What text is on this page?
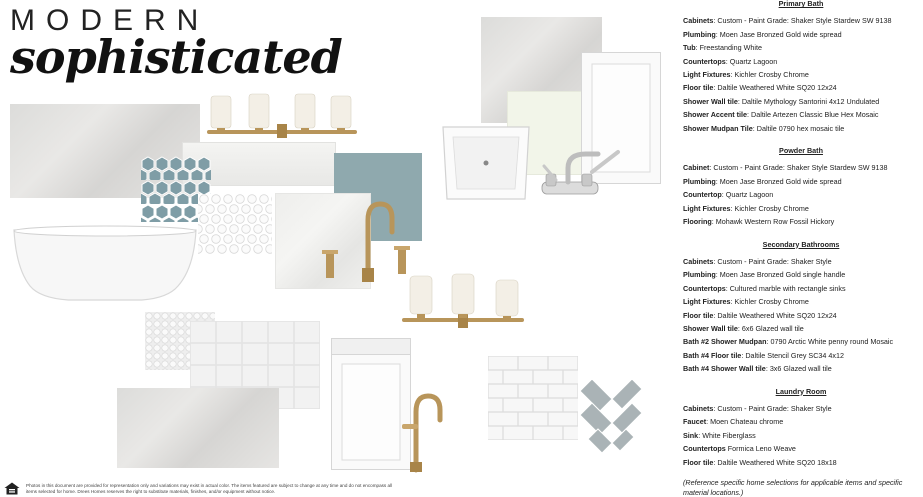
MODERN
sophisticated
Primary Bath
Cabinets: Custom - Paint Grade: Shaker Style Stardew SW 9138
Plumbing: Moen Jase Bronzed Gold wide spread
Tub: Freestanding White
Countertops: Quartz Lagoon
Light Fixtures: Kichler Crosby Chrome
Floor tile: Daltile Weathered White SQ20 12x24
Shower Wall tile: Daltile Mythology Santorini 4x12 Undulated
Shower Accent tile: Daltile Artezen Classic Blue Hex Mosaic
Shower Mudpan Tile: Daltile 0790 hex mosaic tile
Powder Bath
Cabinet: Custom - Paint Grade: Shaker Style Stardew SW 9138
Plumbing: Moen Jase Bronzed Gold wide spread
Countertop: Quartz Lagoon
Light Fixtures: Kichler Crosby Chrome
Flooring: Mohawk Western Row Fossil Hickory
Secondary Bathrooms
Cabinets: Custom - Paint Grade: Shaker Style
Plumbing: Moen Jase Bronzed Gold single handle
Countertops: Cultured marble with rectangle sinks
Light Fixtures: Kichler Crosby Chrome
Floor tile: Daltile Weathered White SQ20 12x24
Shower Wall tile: 6x6 Glazed wall tile
Bath #2 Shower Mudpan: 0790 Arctic White penny round Mosaic
Bath #4 Floor tile: Daltile Stencil Grey SC34 4x12
Bath #4 Shower Wall tile: 3x6 Glazed wall tile
Laundry Room
Cabinets: Custom - Paint Grade: Shaker Style
Faucet: Moen Chateau chrome
Sink: White Fiberglass
Countertops Formica Leno Weave
Floor tile: Daltile Weathered White SQ20 18x18
(Reference specific home selections for applicable items and specific material locations.)
Photos in this document are provided for representation only and variations may exist in actual color. The items featured are subject to change at any time and do not encompass all items selected for home. Drees Homes reserves the right to substitute materials, finishes, and/or equipment without notice.
